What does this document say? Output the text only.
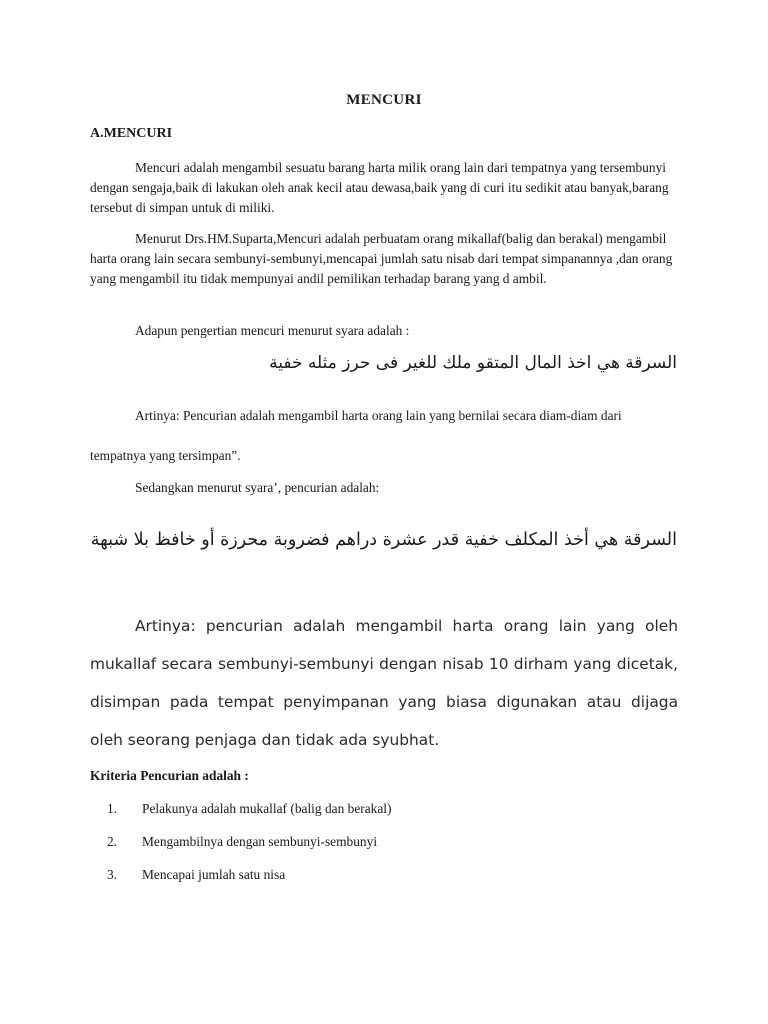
MENCURI
A.MENCURI

Mencuri adalah mengambil sesuatu barang harta milik orang lain dari tempatnya yang tersembunyi dengan sengaja,baik di lakukan oleh anak kecil atau dewasa,baik yang di curi itu sedikit atau banyak,barang tersebut di simpan untuk di miliki.

Menurut Drs.HM.Suparta,Mencuri adalah perbuatam orang mikallaf(balig dan berakal) mengambil harta orang lain secara sembunyi-sembunyi,mencapai jumlah satu nisab dari tempat simpanannya ,dan orang yang mengambil itu tidak mempunyai andil pemilikan terhadap barang yang d ambil.

Adapun pengertian mencuri menurut syara adalah :

السرقة هي اخذ المال المتقو ملك للغير فى حرز مثله خفية

Artinya: Pencurian adalah mengambil harta orang lain yang bernilai secara diam-diam dari tempatnya yang tersimpan”.

Sedangkan menurut syara’, pencurian adalah:

السرقة هي أخذ المكلف خفية قدر عشرة دراهم فضروبة محرزة أو خافظ بلا شبهة

Artinya: pencurian adalah mengambil harta orang lain yang oleh mukallaf secara sembunyi-sembunyi dengan nisab 10 dirham yang dicetak, disimpan pada tempat penyimpanan yang biasa digunakan atau dijaga oleh seorang penjaga dan tidak ada syubhat.

Kriteria Pencurian adalah :
1.	Pelakunya adalah mukallaf (balig dan berakal)
2.	Mengambilnya dengan sembunyi-sembunyi
3.	Mencapai jumlah satu nisa
